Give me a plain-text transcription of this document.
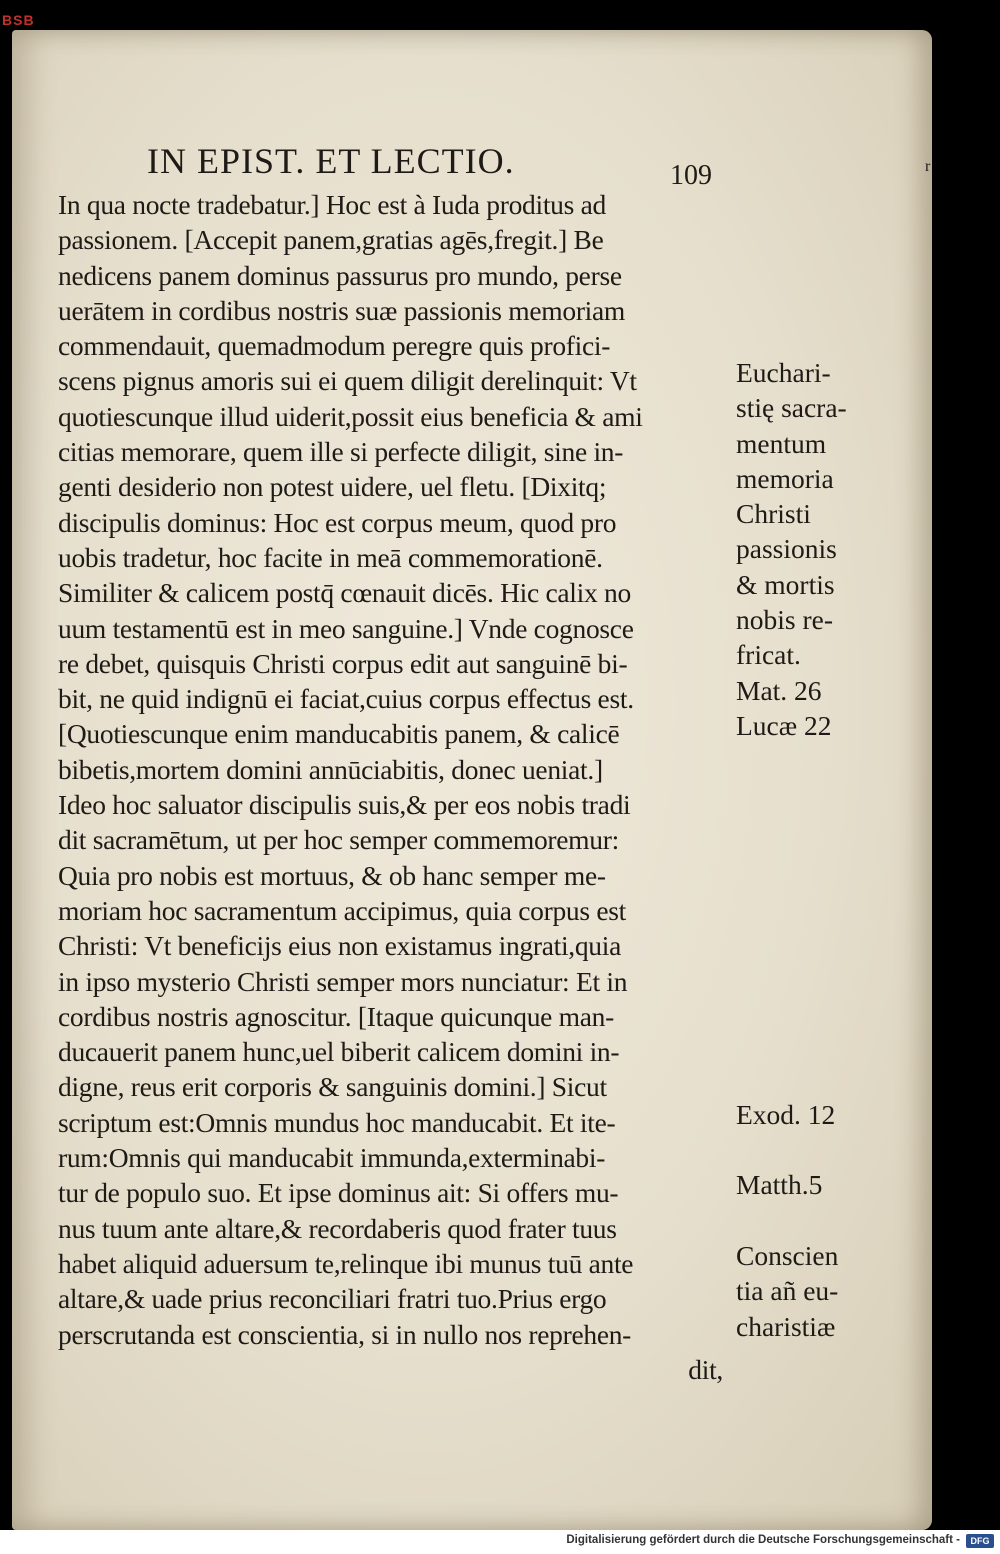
BSB
IN EPIST. ET LECTIO.	109	r
In qua nocte tradebatur.] Hoc est à Iuda proditus ad
passionem. [Accepit panem,gratias agēs,fregit.] Be
nedicens panem dominus passurus pro mundo, perse
uerātem in cordibus nostris suæ passionis memoriam
commendauit, quemadmodum peregre quis profici-
scens pignus amoris sui ei quem diligit derelinquit: Vt
quotiescunque illud uiderit,possit eius beneficia & ami
citias memorare, quem ille si perfecte diligit, sine in-
genti desiderio non potest uidere, uel fletu. [Dixitq;
discipulis dominus: Hoc est corpus meum, quod pro
uobis tradetur, hoc facite in meā commemorationē.
Similiter & calicem postq̄ cœnauit dicēs. Hic calix no
uum testamentū est in meo sanguine.] Vnde cognosce
re debet, quisquis Christi corpus edit aut sanguinē bi-
bit, ne quid indignū ei faciat,cuius corpus effectus est.
[Quotiescunque enim manducabitis panem, & calicē
bibetis,mortem domini annūciabitis, donec ueniat.]
Ideo hoc saluator discipulis suis,& per eos nobis tradi
dit sacramētum, ut per hoc semper commemoremur:
Quia pro nobis est mortuus, & ob hanc semper me-
moriam hoc sacramentum accipimus, quia corpus est
Christi: Vt beneficijs eius non existamus ingrati,quia
in ipso mysterio Christi semper mors nunciatur: Et in
cordibus nostris agnoscitur. [Itaque quicunque man-
ducauerit panem hunc,uel biberit calicem domini in-
digne, reus erit corporis & sanguinis domini.] Sicut
scriptum est:Omnis mundus hoc manducabit. Et ite-
rum:Omnis qui manducabit immunda,exterminabi-
tur de populo suo. Et ipse dominus ait: Si offers mu-
nus tuum ante altare,& recordaberis quod frater tuus
habet aliquid aduersum te,relinque ibi munus tuū ante
altare,& uade prius reconciliari fratri tuo.Prius ergo
perscrutanda est conscientia, si in nullo nos reprehen-
dit,
Euchari-
stię sacra-
mentum
memoria
Christi
passionis
& mortis
nobis re-
fricat.
Mat. 26
Lucæ 22
Exod. 12
Matth.5
Conscien
tia añ eu-
charistiæ
Digitalisierung gefördert durch die Deutsche Forschungsgemeinschaft -	DFG
